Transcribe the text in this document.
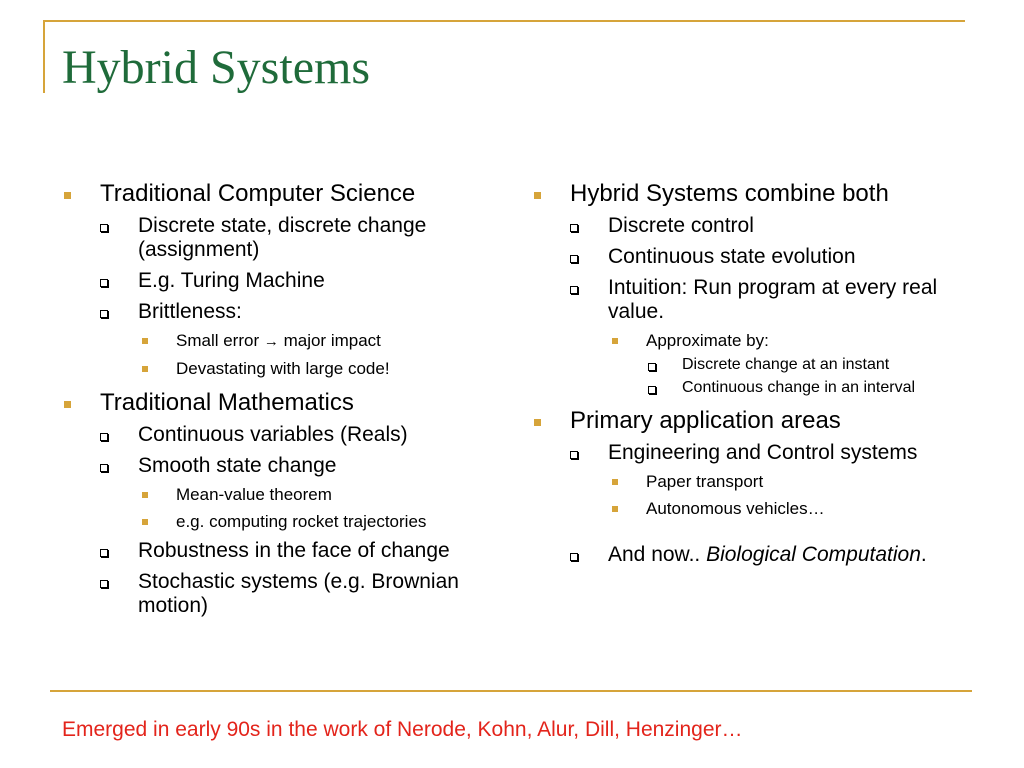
Hybrid Systems
Traditional Computer Science
Discrete state, discrete change (assignment)
E.g. Turing Machine
Brittleness:
Small error → major impact
Devastating with large code!
Traditional Mathematics
Continuous variables (Reals)
Smooth state change
Mean-value theorem
e.g. computing rocket trajectories
Robustness in the face of change
Stochastic systems (e.g. Brownian motion)
Hybrid Systems combine both
Discrete control
Continuous state evolution
Intuition: Run program at every real value.
Approximate by:
Discrete change at an instant
Continuous change in an interval
Primary application areas
Engineering and Control systems
Paper transport
Autonomous vehicles…
And now.. Biological Computation.

Emerged in early 90s in the work of Nerode, Kohn, Alur, Dill, Henzinger…
